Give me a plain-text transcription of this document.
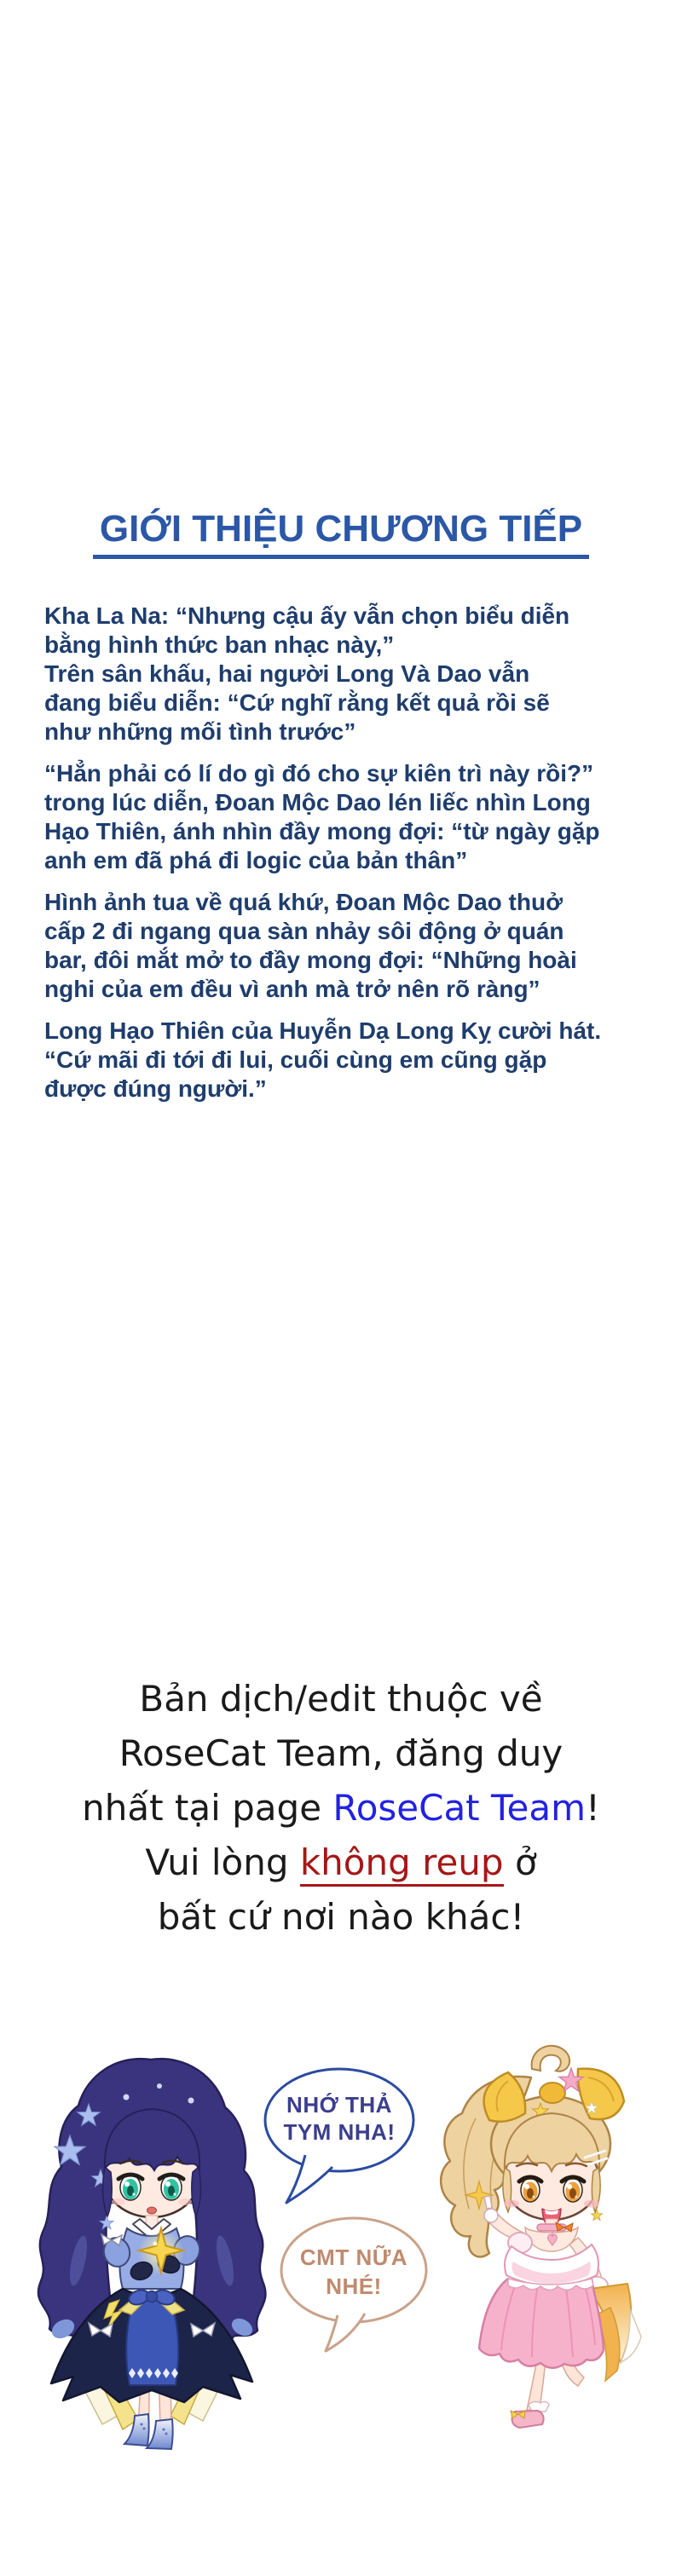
GIỚI THIỆU CHƯƠNG TIẾP
Kha La Na: “Nhưng cậu ấy vẫn chọn biểu diễn
bằng hình thức ban nhạc này,”
Trên sân khấu, hai người Long Và Dao vẫn
đang biểu diễn: “Cứ nghĩ rằng kết quả rồi sẽ
như những mối tình trước”
“Hẳn phải có lí do gì đó cho sự kiên trì này rồi?”
trong lúc diễn, Đoan Mộc Dao lén liếc nhìn Long
Hạo Thiên, ánh nhìn đầy mong đợi: “từ ngày gặp
anh em đã phá đi logic của bản thân”
Hình ảnh tua về quá khứ, Đoan Mộc Dao thuở
cấp 2 đi ngang qua sàn nhảy sôi động ở quán
bar, đôi mắt mở to đầy mong đợi: “Những hoài
nghi của em đều vì anh mà trở nên rõ ràng”
Long Hạo Thiên của Huyễn Dạ Long Kỵ cười hát.
“Cứ mãi đi tới đi lui, cuối cùng em cũng gặp
được đúng người.”
Bản dịch/edit thuộc về
RoseCat Team, đăng duy
nhất tại page RoseCat Team!
Vui lòng không reup ở
bất cứ nơi nào khác!
NHỚ THẢ
TYM NHA!
CMT NỮA
NHÉ!
